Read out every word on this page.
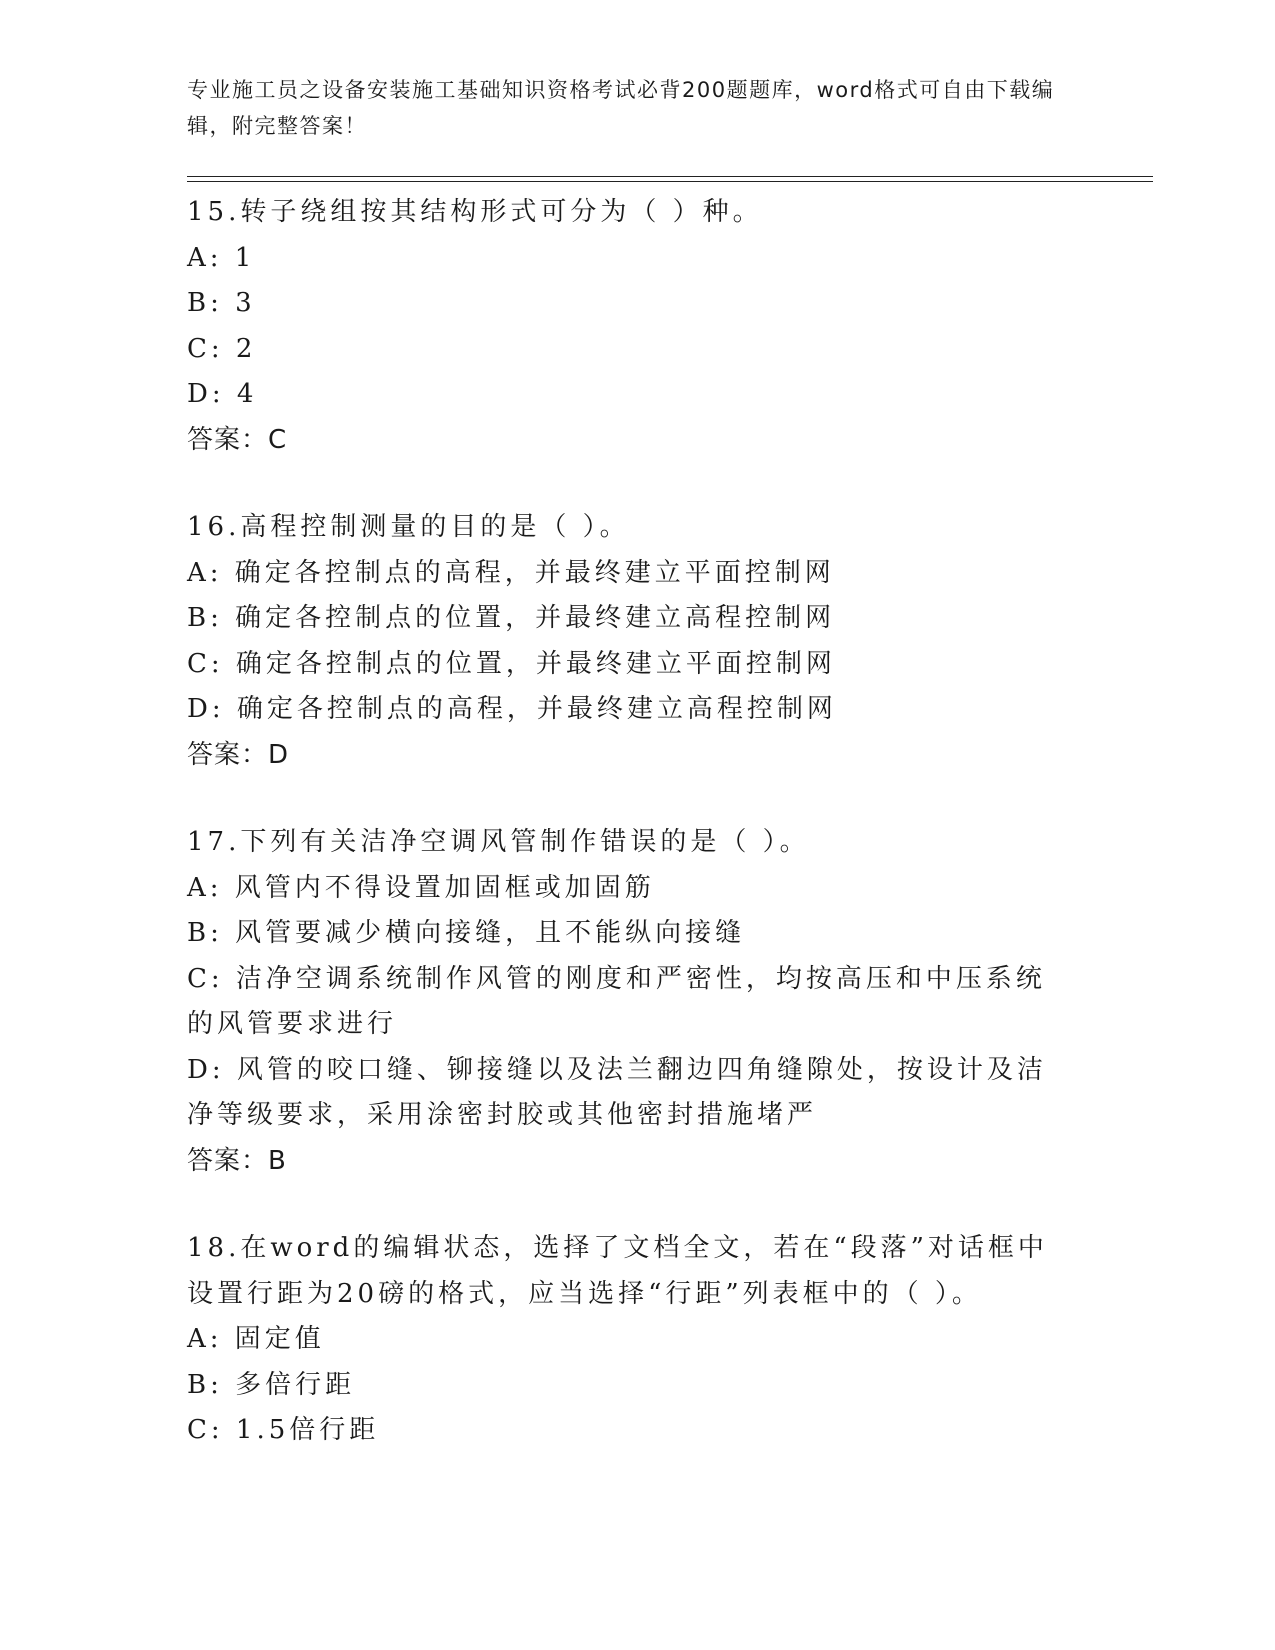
专业施工员之设备安装施工基础知识资格考试必背200题题库，word格式可自由下载编辑，附完整答案！
15.转子绕组按其结构形式可分为（ ）种。
A: 1
B: 3
C: 2
D: 4
答案：C
16.高程控制测量的目的是（ ）。
A: 确定各控制点的高程，并最终建立平面控制网
B: 确定各控制点的位置，并最终建立高程控制网
C: 确定各控制点的位置，并最终建立平面控制网
D: 确定各控制点的高程，并最终建立高程控制网
答案：D
17.下列有关洁净空调风管制作错误的是（ ）。
A: 风管内不得设置加固框或加固筋
B: 风管要减少横向接缝，且不能纵向接缝
C: 洁净空调系统制作风管的刚度和严密性，均按高压和中压系统的风管要求进行
D: 风管的咬口缝、铆接缝以及法兰翻边四角缝隙处，按设计及洁净等级要求，采用涂密封胶或其他密封措施堵严
答案：B
18.在word的编辑状态，选择了文档全文，若在“段落”对话框中设置行距为20磅的格式，应当选择“行距”列表框中的（ ）。
A: 固定值
B: 多倍行距
C: 1.5倍行距
